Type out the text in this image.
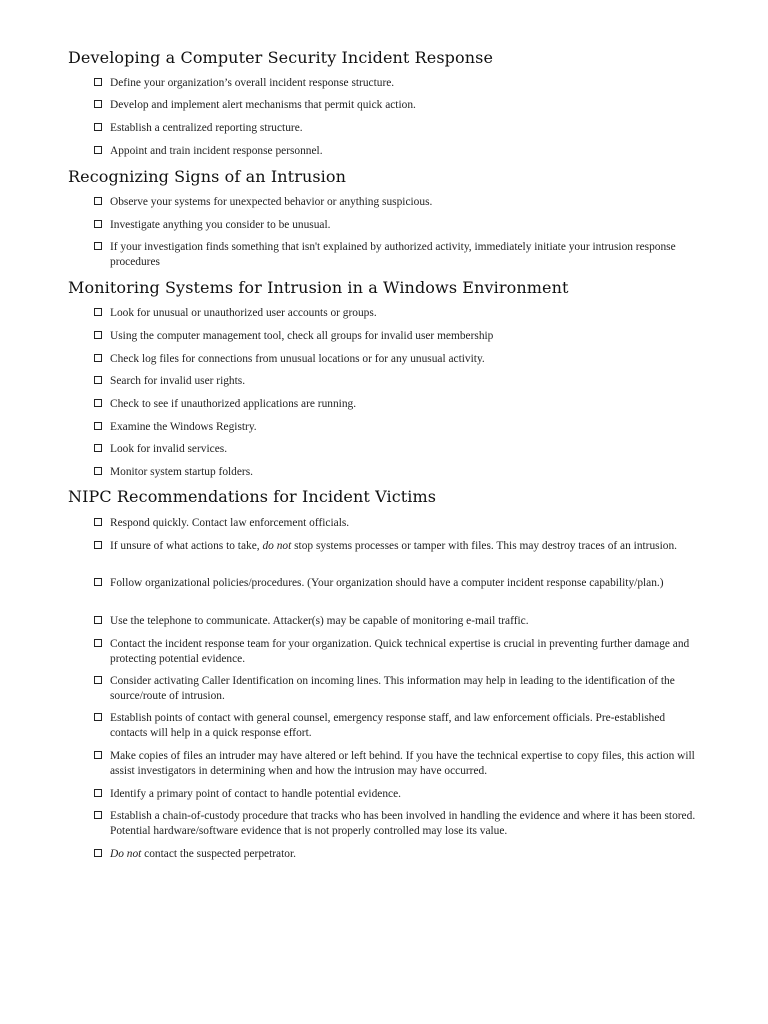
Developing a Computer Security Incident Response
Recognizing Signs of an Intrusion
Monitoring Systems for Intrusion in a Windows Environment
NIPC Recommendations for Incident Victims
Define your organization’s overall incident response structure.
Develop and implement alert mechanisms that permit quick action.
Establish a centralized reporting structure.
Appoint and train incident response personnel.
Observe your systems for unexpected behavior or anything suspicious.
Investigate anything you consider to be unusual.
If your investigation finds something that isn't explained by authorized activity, immediately initiate your intrusion response procedures
Look for unusual or unauthorized user accounts or groups.
Using the computer management tool, check all groups for invalid user membership
Check log files for connections from unusual locations or for any unusual activity.
Search for invalid user rights.
Check to see if unauthorized applications are running.
Examine the Windows Registry.
Look for invalid services.
Monitor system startup folders.
Respond quickly. Contact law enforcement officials.
If unsure of what actions to take, do not stop systems processes or tamper with files. This may destroy traces of an intrusion.
Follow organizational policies/procedures. (Your organization should have a computer incident response capability/plan.)
Use the telephone to communicate. Attacker(s) may be capable of monitoring e-mail traffic.
Contact the incident response team for your organization. Quick technical expertise is crucial in preventing further damage and protecting potential evidence.
Consider activating Caller Identification on incoming lines. This information may help in leading to the identification of the source/route of intrusion.
Establish points of contact with general counsel, emergency response staff, and law enforcement officials. Pre-established contacts will help in a quick response effort.
Make copies of files an intruder may have altered or left behind. If you have the technical expertise to copy files, this action will assist investigators in determining when and how the intrusion may have occurred.
Identify a primary point of contact to handle potential evidence.
Establish a chain-of-custody procedure that tracks who has been involved in handling the evidence and where it has been stored. Potential hardware/software evidence that is not properly controlled may lose its value.
Do not contact the suspected perpetrator.
